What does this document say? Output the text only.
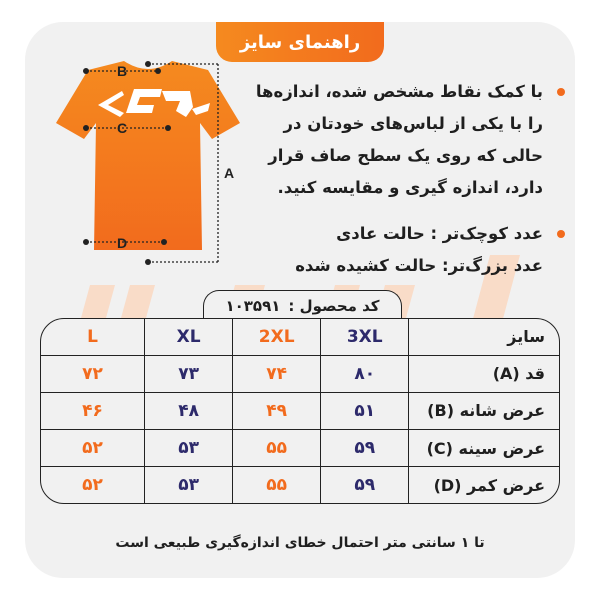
راهنمای سایز
B
C
D
A
با کمک نقاط مشخص شده، اندازه‌ها را با یکی از لباس‌های خودتان در حالی که روی یک سطح صاف قرار دارد، اندازه گیری و مقایسه کنید.
عدد کوچک‌تر : حالت عادی
عدد بزرگ‌تر: حالت کشیده شده
کد محصول :
۱۰۳۵۹۱
L	XL	2XL	3XL	سایز
۷۲	۷۳	۷۴	۸۰	قد (A)
۴۶	۴۸	۴۹	۵۱	عرض شانه (B)
۵۲	۵۳	۵۵	۵۹	عرض سینه (C)
۵۲	۵۳	۵۵	۵۹	عرض کمر (D)
تا ۱ سانتی متر احتمال خطای اندازه‌گیری طبیعی است
